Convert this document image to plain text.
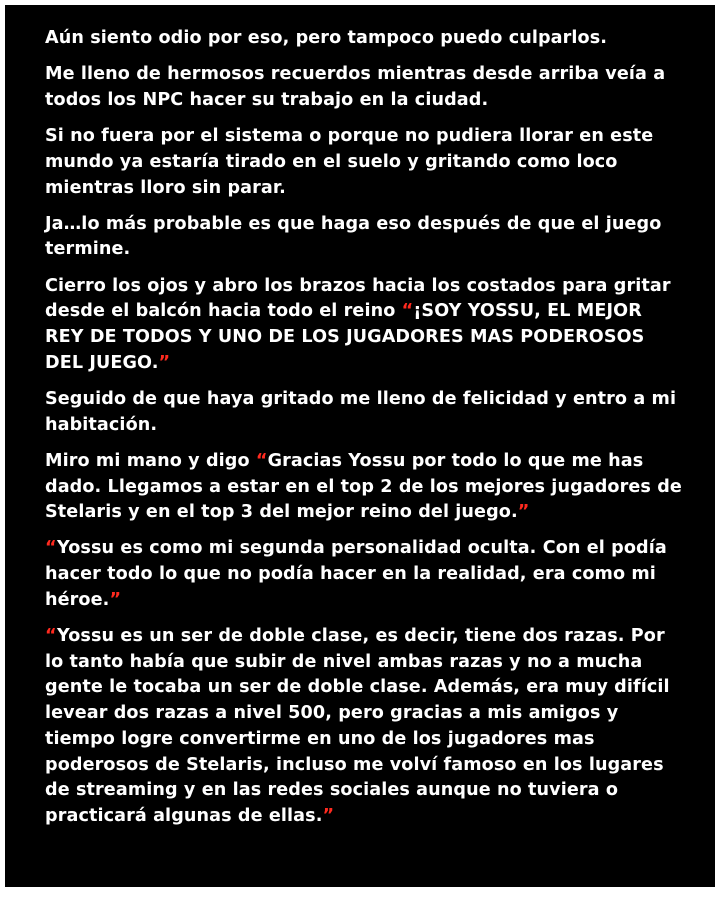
Aún siento odio por eso, pero tampoco puedo culparlos.

Me lleno de hermosos recuerdos mientras desde arriba veía a todos los NPC hacer su trabajo en la ciudad.

Si no fuera por el sistema o porque no pudiera llorar en este mundo ya estaría tirado en el suelo y gritando como loco mientras lloro sin parar.

Ja…lo más probable es que haga eso después de que el juego termine.

Cierro los ojos y abro los brazos hacia los costados para gritar desde el balcón hacia todo el reino “¡SOY YOSSU, EL MEJOR REY DE TODOS Y UNO DE LOS JUGADORES MAS PODEROSOS DEL JUEGO.”

Seguido de que haya gritado me lleno de felicidad y entro a mi habitación.

Miro mi mano y digo “Gracias Yossu por todo lo que me has dado. Llegamos a estar en el top 2 de los mejores jugadores de Stelaris y en el top 3 del mejor reino del juego.”

“Yossu es como mi segunda personalidad oculta. Con el podía hacer todo lo que no podía hacer en la realidad, era como mi héroe.”

“Yossu es un ser de doble clase, es decir, tiene dos razas. Por lo tanto había que subir de nivel ambas razas y no a mucha gente le tocaba un ser de doble clase. Además, era muy difícil levear dos razas a nivel 500, pero gracias a mis amigos y tiempo logre convertirme en uno de los jugadores mas poderosos de Stelaris, incluso me volví famoso en los lugares de streaming y en las redes sociales aunque no tuviera o practicará algunas de ellas.”
